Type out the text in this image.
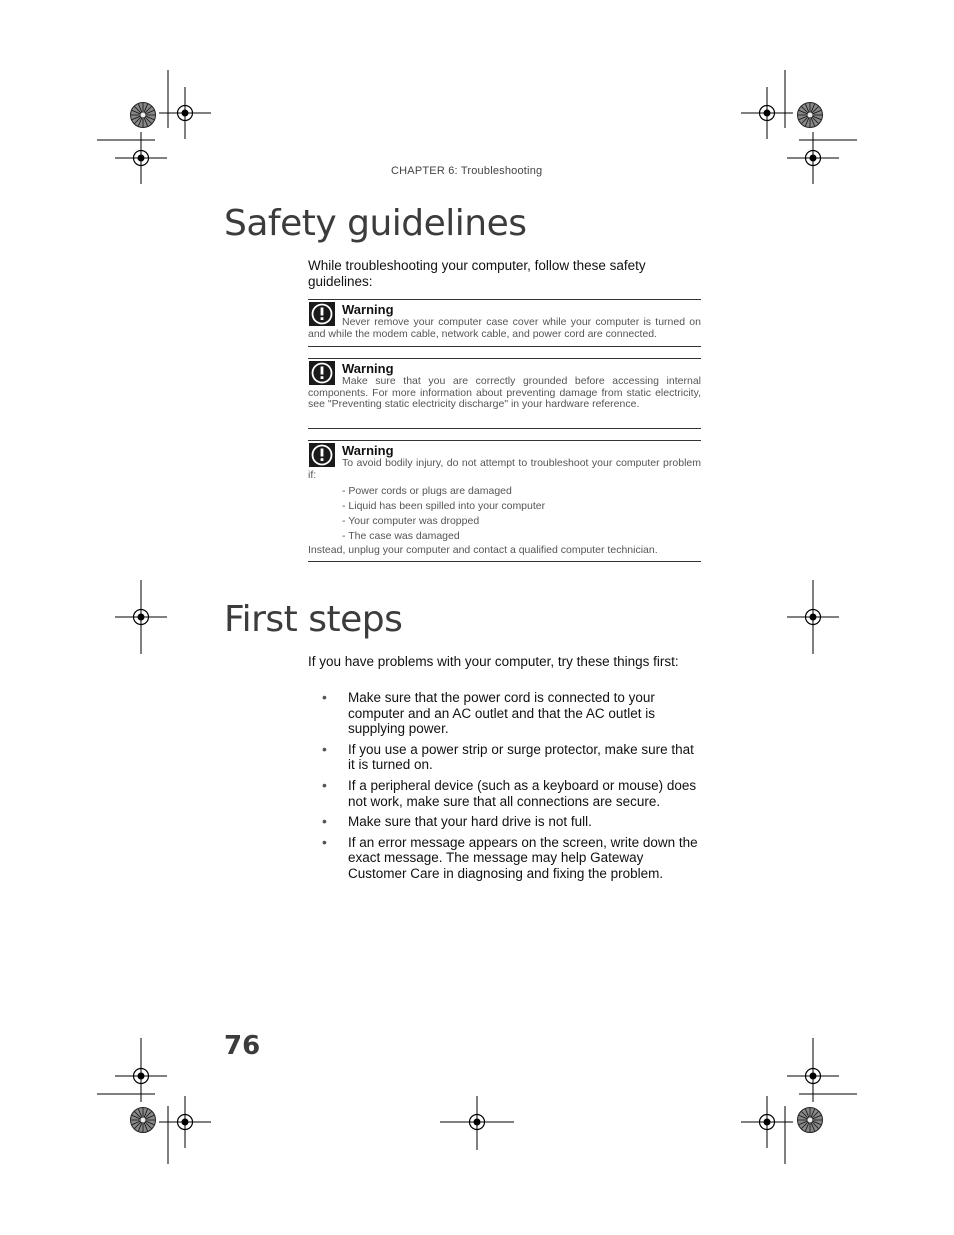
CHAPTER 6: Troubleshooting
Safety guidelines

While troubleshooting your computer, follow these safety guidelines:

Warning
Never remove your computer case cover while your computer is turned on and while the modem cable, network cable, and power cord are connected.
Warning
Make sure that you are correctly grounded before accessing internal components. For more information about preventing damage from static electricity, see "Preventing static electricity discharge" in your hardware reference.
Warning
To avoid bodily injury, do not attempt to troubleshoot your computer problem if:
- Power cords or plugs are damaged
- Liquid has been spilled into your computer
- Your computer was dropped
- The case was damaged
Instead, unplug your computer and contact a qualified computer technician.
First steps

If you have problems with your computer, try these things first:

• Make sure that the power cord is connected to your computer and an AC outlet and that the AC outlet is supplying power.
• If you use a power strip or surge protector, make sure that it is turned on.
• If a peripheral device (such as a keyboard or mouse) does not work, make sure that all connections are secure.
• Make sure that your hard drive is not full.
• If an error message appears on the screen, write down the exact message. The message may help Gateway Customer Care in diagnosing and fixing the problem.
76
